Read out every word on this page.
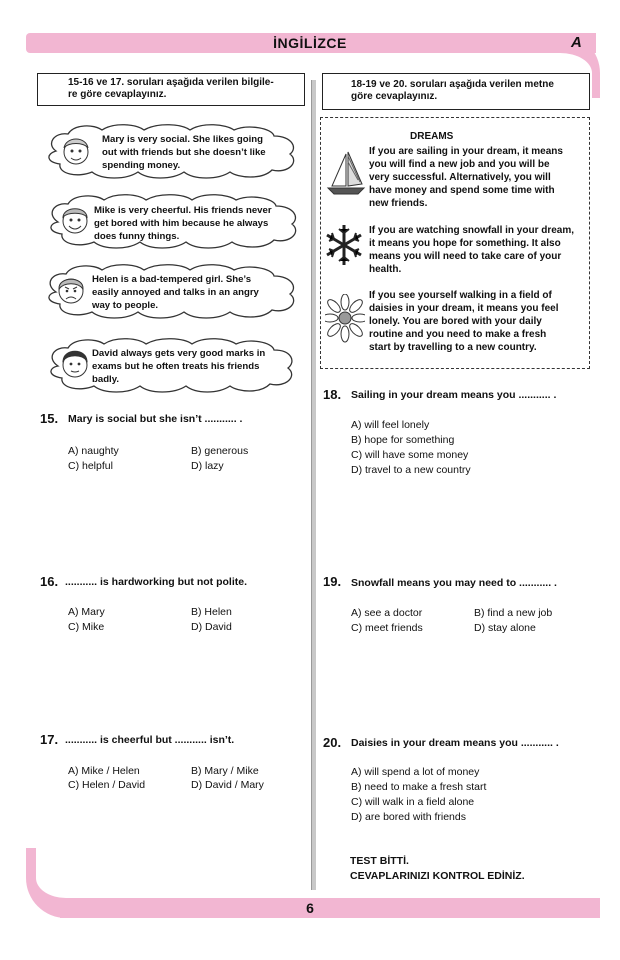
İNGİLİZCE	A
6
15-16 ve 17. soruları aşağıda verilen bilgile-
re göre cevaplayınız.
Mary is very social. She likes going
out with friends but she doesn’t like
spending money.
Mike is very cheerful. His friends never
get bored with him because he always
does funny things.
Helen is a bad-tempered girl. She’s
easily annoyed and talks in an angry
way to people.
David always gets very good marks in
exams but he often treats his friends
badly.
15. Mary is social but she isn’t ........... .
A) naughty	B) generous
C) helpful	D) lazy
16. ........... is hardworking but not polite.
A) Mary	B) Helen
C) Mike	D) David
17. ........... is cheerful but ........... isn’t.
A) Mike / Helen	B) Mary / Mike
C) Helen / David	D) David / Mary
18-19 ve 20. soruları aşağıda verilen metne
göre cevaplayınız.
DREAMS
If you are sailing in your dream, it means
you will find a new job and you will be
very successful. Alternatively, you will
have money and spend some time with
new friends.
If you are watching snowfall in your dream,
it means you hope for something. It also
means you will need to take care of your
health.
If you see yourself walking in a field of
daisies in your dream, it means you feel
lonely. You are bored with your daily
routine and you need to make a fresh
start by travelling to a new country.
18. Sailing in your dream means you ........... .
A) will feel lonely
B) hope for something
C) will have some money
D) travel to a new country
19. Snowfall means you may need to ........... .
A) see a doctor	B) find a new job
C) meet friends	D) stay alone
20. Daisies in your dream means you ........... .
A) will spend a lot of money
B) need to make a fresh start
C) will walk in a field alone
D) are bored with friends
TEST BİTTİ.
CEVAPLARINIZI KONTROL EDİNİZ.
